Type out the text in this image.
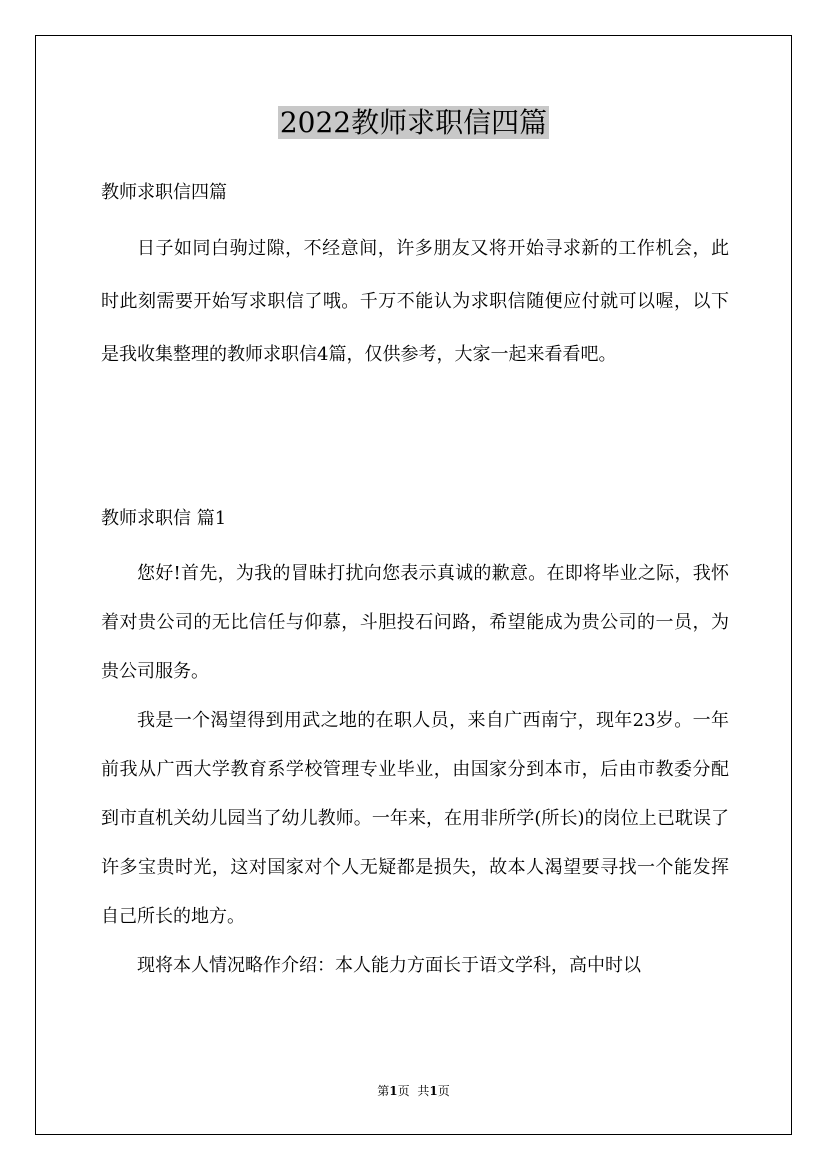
2022教师求职信四篇

教师求职信四篇

日子如同白驹过隙，不经意间，许多朋友又将开始寻求新的工作机会，此时此刻需要开始写求职信了哦。千万不能认为求职信随便应付就可以喔，以下是我收集整理的教师求职信4篇，仅供参考，大家一起来看看吧。

教师求职信 篇1

您好!首先，为我的冒昧打扰向您表示真诚的歉意。在即将毕业之际，我怀着对贵公司的无比信任与仰慕，斗胆投石问路，希望能成为贵公司的一员，为贵公司服务。

我是一个渴望得到用武之地的在职人员，来自广西南宁，现年23岁。一年前我从广西大学教育系学校管理专业毕业，由国家分到本市，后由市教委分配到市直机关幼儿园当了幼儿教师。一年来，在用非所学(所长)的岗位上已耽误了许多宝贵时光，这对国家对个人无疑都是损失，故本人渴望要寻找一个能发挥自己所长的地方。

现将本人情况略作介绍：本人能力方面长于语文学科，高中时以

第1页 共1页
